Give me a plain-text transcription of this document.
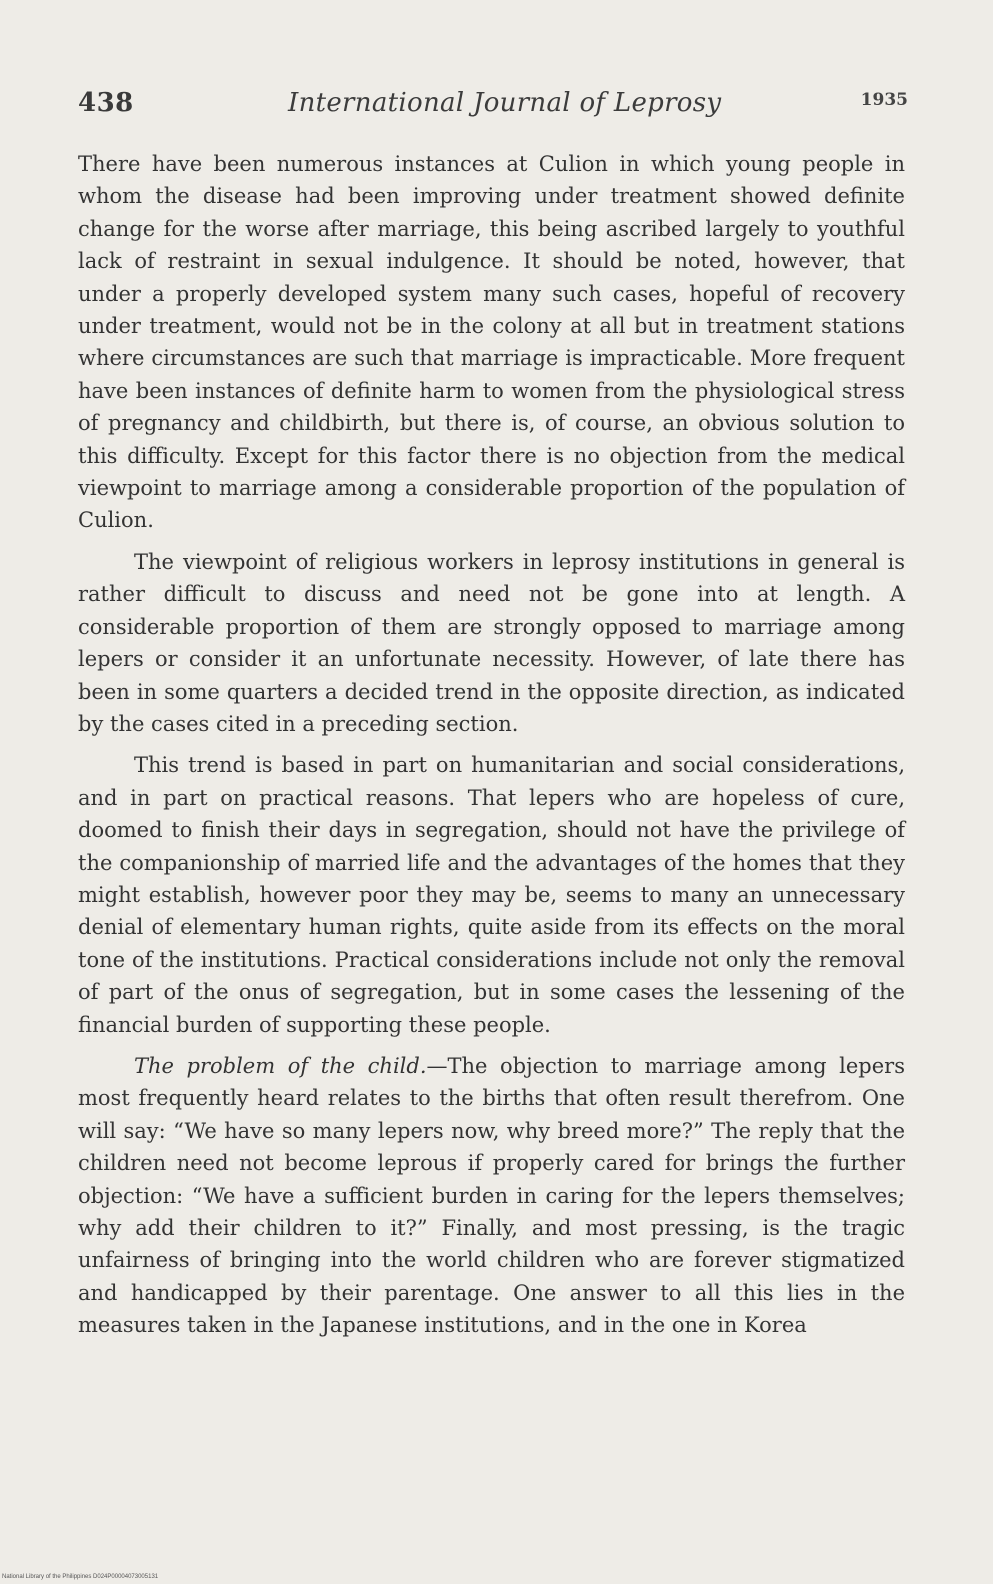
438	International Journal of Leprosy	1935

There have been numerous instances at Culion in which young people in whom the disease had been improving under treatment showed definite change for the worse after marriage, this being ascribed largely to youthful lack of restraint in sexual indulgence. It should be noted, however, that under a properly developed system many such cases, hopeful of recovery under treatment, would not be in the colony at all but in treatment stations where circumstances are such that marriage is impracticable. More frequent have been instances of definite harm to women from the physiological stress of pregnancy and childbirth, but there is, of course, an obvious solution to this difficulty. Except for this factor there is no objection from the medical viewpoint to marriage among a considerable proportion of the population of Culion.

The viewpoint of religious workers in leprosy institutions in general is rather difficult to discuss and need not be gone into at length. A considerable proportion of them are strongly opposed to marriage among lepers or consider it an unfortunate necessity. However, of late there has been in some quarters a decided trend in the opposite direction, as indicated by the cases cited in a preceding section.

This trend is based in part on humanitarian and social considerations, and in part on practical reasons. That lepers who are hopeless of cure, doomed to finish their days in segregation, should not have the privilege of the companionship of married life and the advantages of the homes that they might establish, however poor they may be, seems to many an unnecessary denial of elementary human rights, quite aside from its effects on the moral tone of the institutions. Practical considerations include not only the removal of part of the onus of segregation, but in some cases the lessening of the financial burden of supporting these people.

The problem of the child.—The objection to marriage among lepers most frequently heard relates to the births that often result therefrom. One will say: “We have so many lepers now, why breed more?” The reply that the children need not become leprous if properly cared for brings the further objection: “We have a sufficient burden in caring for the lepers themselves; why add their children to it?” Finally, and most pressing, is the tragic unfairness of bringing into the world children who are forever stigmatized and handicapped by their parentage. One answer to all this lies in the measures taken in the Japanese institutions, and in the one in Korea

National Library of the Philippines D024P00004073005131
